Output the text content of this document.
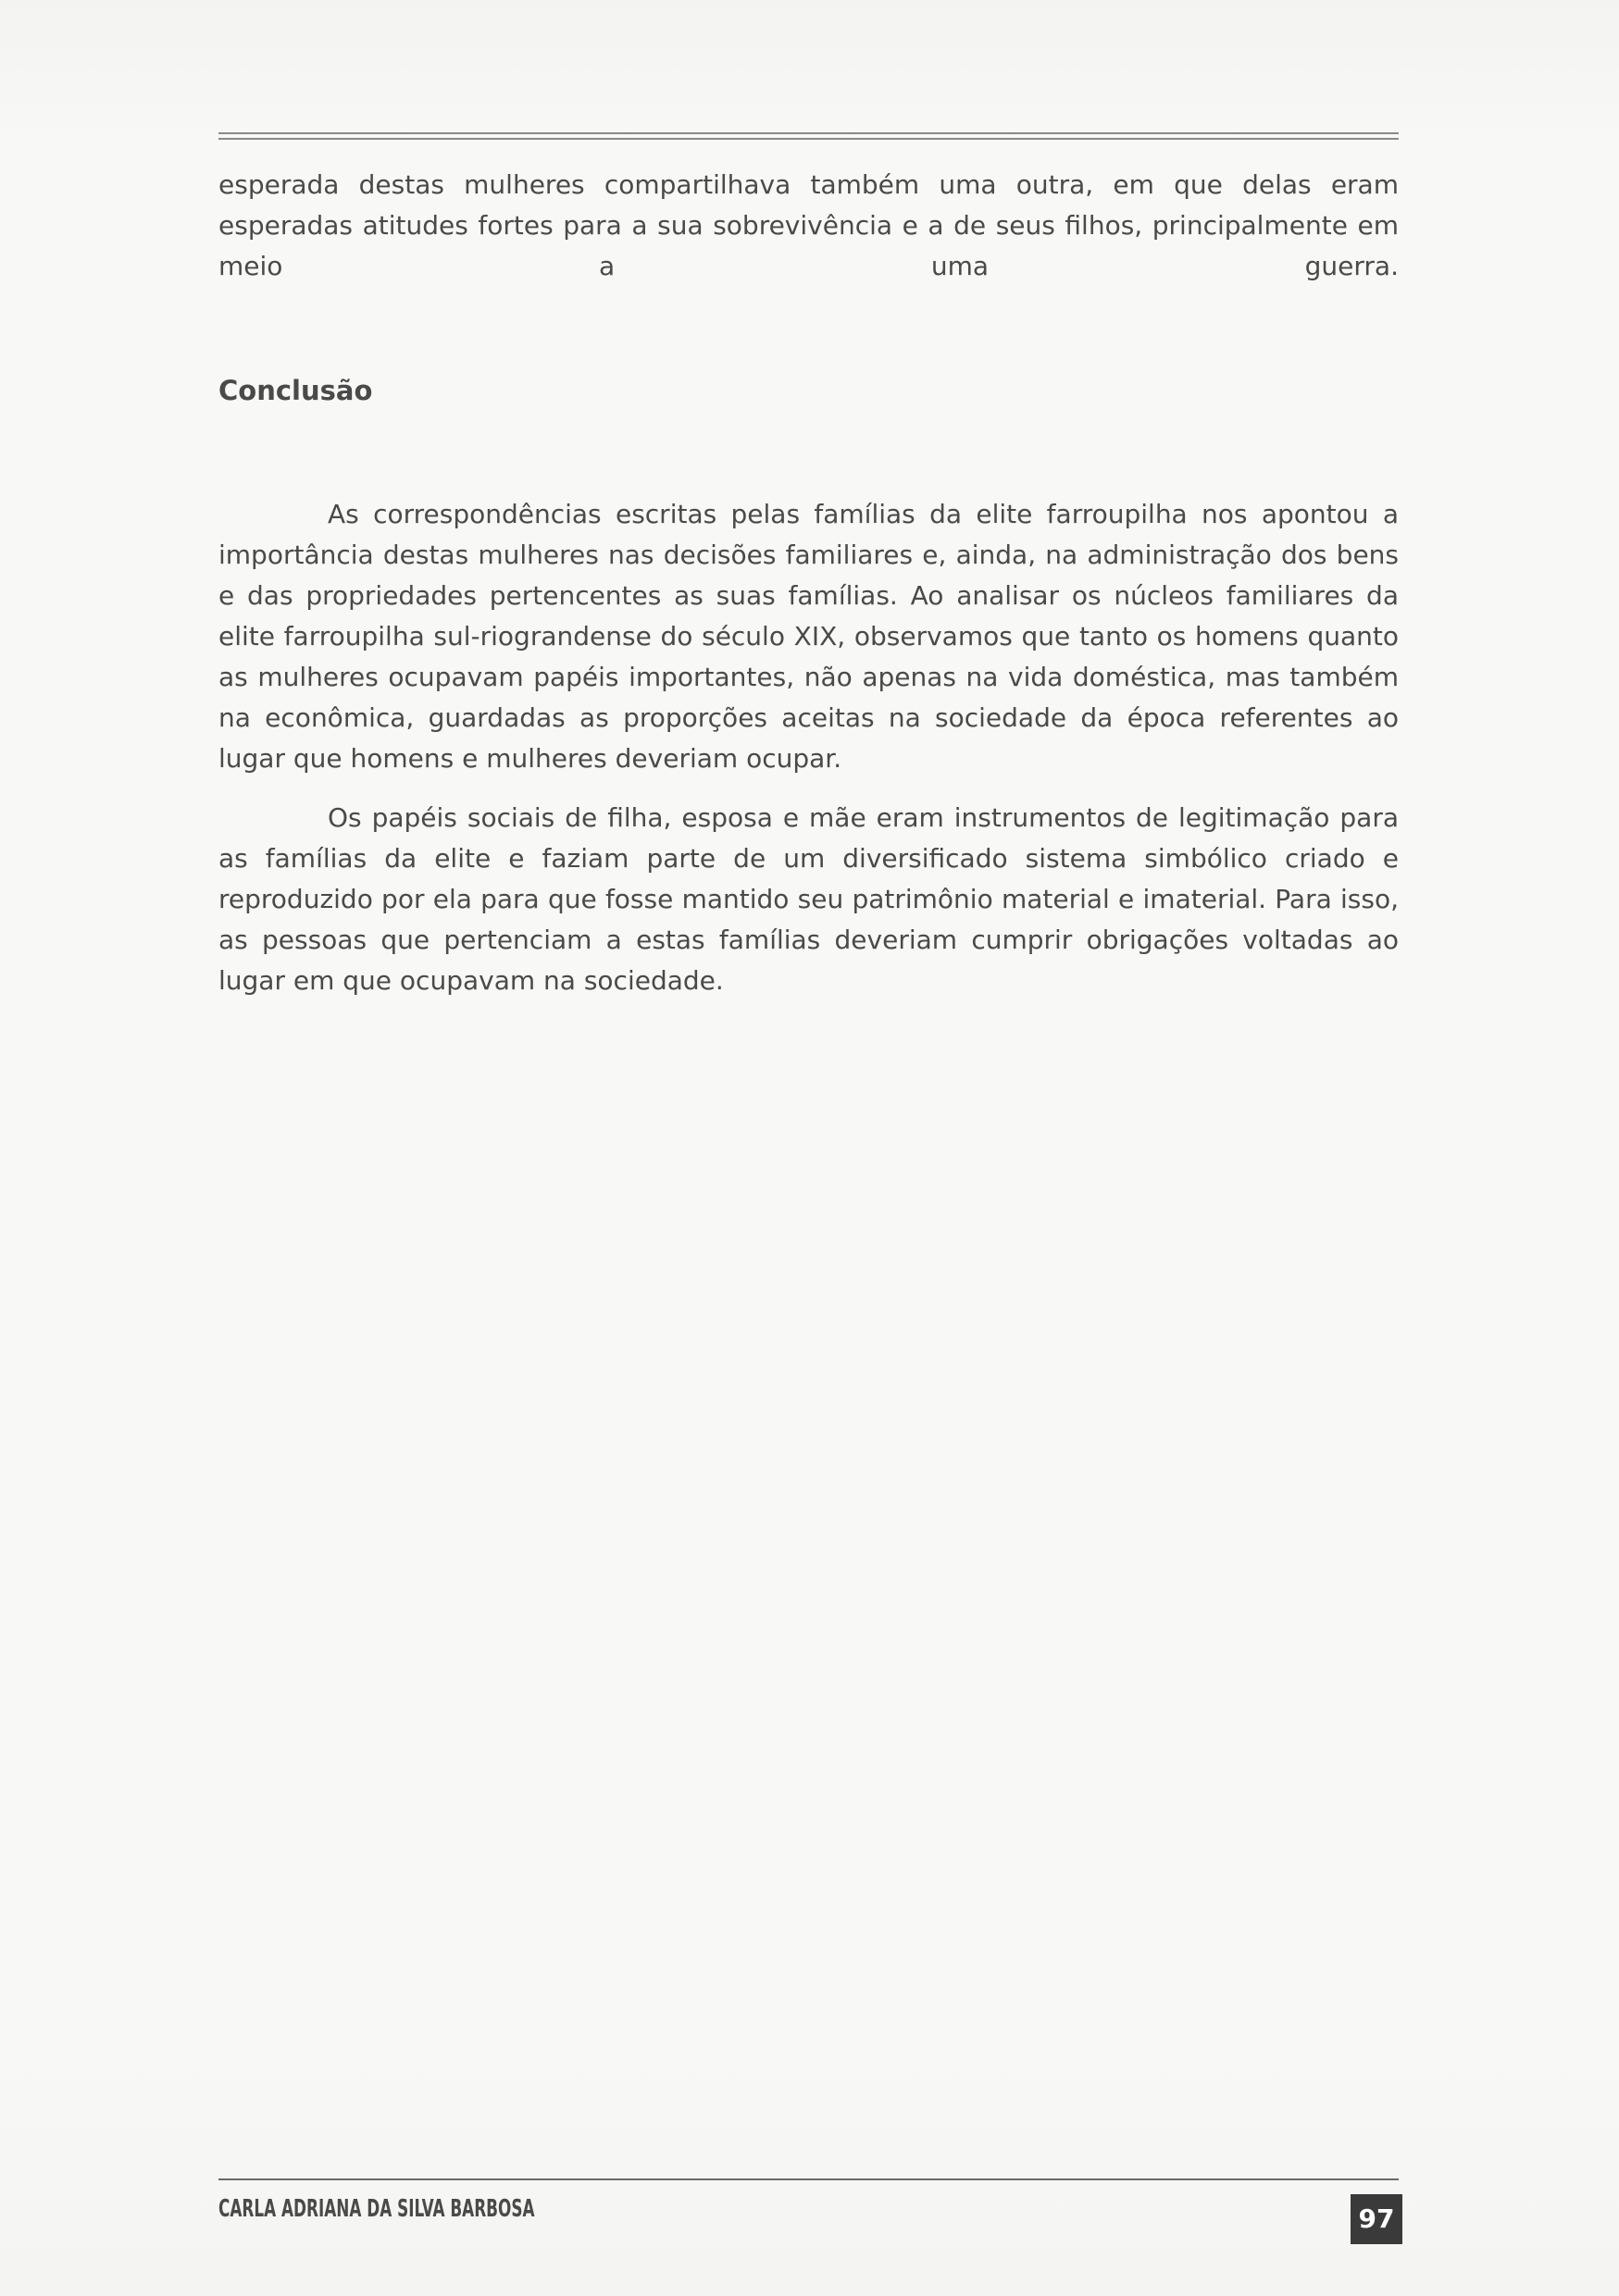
esperada destas mulheres compartilhava também uma outra, em que delas eram esperadas atitudes fortes para a sua sobrevivência e a de seus filhos, principalmente em meio a uma guerra.

Conclusão

As correspondências escritas pelas famílias da elite farroupilha nos apontou a importância destas mulheres nas decisões familiares e, ainda, na administração dos bens e das propriedades pertencentes as suas famílias. Ao analisar os núcleos familiares da elite farroupilha sul-riograndense do século XIX, observamos que tanto os homens quanto as mulheres ocupavam papéis importantes, não apenas na vida doméstica, mas também na econômica, guardadas as proporções aceitas na sociedade da época referentes ao lugar que homens e mulheres deveriam ocupar.

Os papéis sociais de filha, esposa e mãe eram instrumentos de legitimação para as famílias da elite e faziam parte de um diversificado sistema simbólico criado e reproduzido por ela para que fosse mantido seu patrimônio material e imaterial. Para isso, as pessoas que pertenciam a estas famílias deveriam cumprir obrigações voltadas ao lugar em que ocupavam na sociedade.

CARLA ADRIANA DA SILVA BARBOSA	97
